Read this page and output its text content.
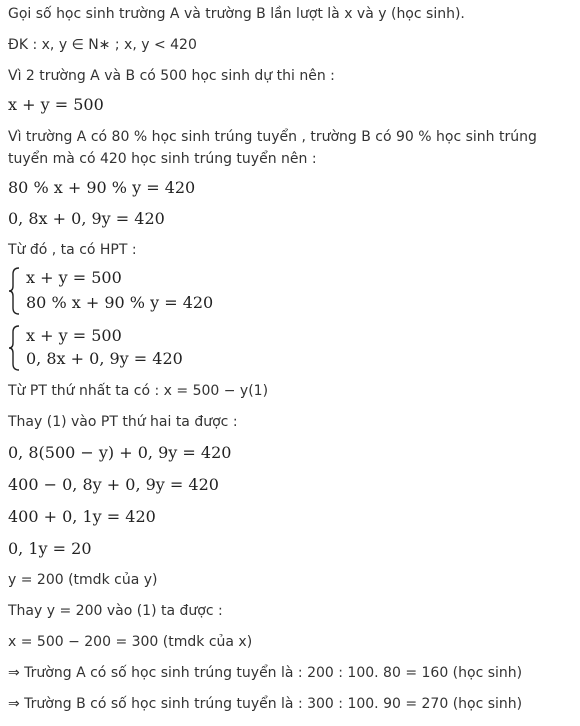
Gọi số học sinh trường A và trường B lần lượt là x và y (học sinh).
ĐK : x, y ∈ N∗ ; x, y < 420
Vì 2 trường A và B có 500 học sinh dự thi nên :
x + y = 500
Vì trường A có 80 % học sinh trúng tuyển , trường B có 90 % học sinh trúng tuyển mà có 420 học sinh trúng tuyển nên :
80 % x + 90 % y = 420
0, 8x + 0, 9y = 420
Từ đó , ta có HPT :
x + y = 500
80 % x + 90 % y = 420
x + y = 500
0, 8x + 0, 9y = 420
Từ PT thứ nhất ta có : x = 500 − y(1)
Thay (1) vào PT thứ hai ta được :
0, 8(500 − y) + 0, 9y = 420
400 − 0, 8y + 0, 9y = 420
400 + 0, 1y = 420
0, 1y = 20
y = 200 (tmdk của y)
Thay y = 200 vào (1) ta được :
x = 500 − 200 = 300 (tmdk của x)
⇒ Trường A có số học sinh trúng tuyển là : 200 : 100. 80 = 160 (học sinh)
⇒ Trường B có số học sinh trúng tuyển là : 300 : 100. 90 = 270 (học sinh)
